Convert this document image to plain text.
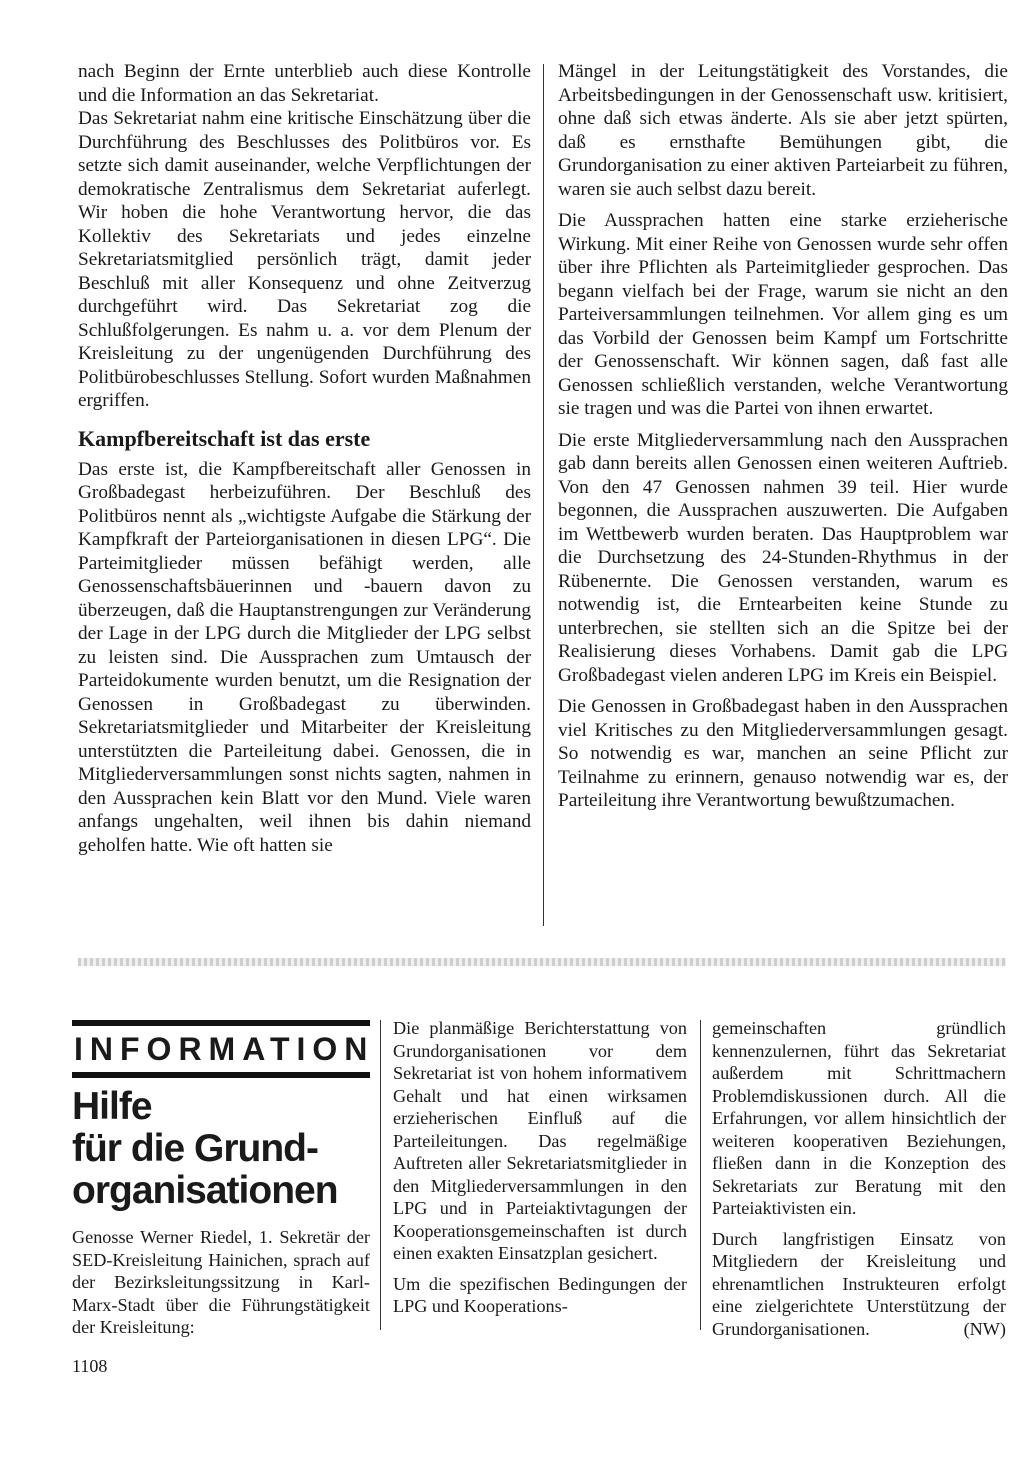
nach Beginn der Ernte unterblieb auch diese Kontrolle und die Information an das Sekretariat.

Das Sekretariat nahm eine kritische Einschätzung über die Durchführung des Beschlusses des Politbüros vor. Es setzte sich damit auseinander, welche Verpflichtungen der demokratische Zentralismus dem Sekretariat auferlegt. Wir hoben die hohe Verantwortung hervor, die das Kollektiv des Sekretariats und jedes einzelne Sekretariatsmitglied persönlich trägt, damit jeder Beschluß mit aller Konsequenz und ohne Zeitverzug durchgeführt wird. Das Sekretariat zog die Schlußfolgerungen. Es nahm u. a. vor dem Plenum der Kreisleitung zu der ungenügenden Durchführung des Politbürobeschlusses Stellung. Sofort wurden Maßnahmen ergriffen.

Kampfbereitschaft ist das erste

Das erste ist, die Kampfbereitschaft aller Genossen in Großbadegast herbeizuführen. Der Beschluß des Politbüros nennt als „wichtigste Aufgabe die Stärkung der Kampfkraft der Parteiorganisationen in diesen LPG“. Die Parteimitglieder müssen befähigt werden, alle Genossenschaftsbäuerinnen und -bauern davon zu überzeugen, daß die Hauptanstrengungen zur Veränderung der Lage in der LPG durch die Mitglieder der LPG selbst zu leisten sind. Die Aussprachen zum Umtausch der Parteidokumente wurden benutzt, um die Resignation der Genossen in Großbadegast zu überwinden. Sekretariatsmitglieder und Mitarbeiter der Kreisleitung unterstützten die Parteileitung dabei. Genossen, die in Mitgliederversammlungen sonst nichts sagten, nahmen in den Aussprachen kein Blatt vor den Mund. Viele waren anfangs ungehalten, weil ihnen bis dahin niemand geholfen hatte. Wie oft hatten sie

Mängel in der Leitungstätigkeit des Vorstandes, die Arbeitsbedingungen in der Genossenschaft usw. kritisiert, ohne daß sich etwas änderte. Als sie aber jetzt spürten, daß es ernsthafte Bemühungen gibt, die Grundorganisation zu einer aktiven Parteiarbeit zu führen, waren sie auch selbst dazu bereit.

Die Aussprachen hatten eine starke erzieherische Wirkung. Mit einer Reihe von Genossen wurde sehr offen über ihre Pflichten als Parteimitglieder gesprochen. Das begann vielfach bei der Frage, warum sie nicht an den Parteiversammlungen teilnehmen. Vor allem ging es um das Vorbild der Genossen beim Kampf um Fortschritte der Genossenschaft. Wir können sagen, daß fast alle Genossen schließlich verstanden, welche Verantwortung sie tragen und was die Partei von ihnen erwartet.

Die erste Mitgliederversammlung nach den Aussprachen gab dann bereits allen Genossen einen weiteren Auftrieb. Von den 47 Genossen nahmen 39 teil. Hier wurde begonnen, die Aussprachen auszuwerten. Die Aufgaben im Wettbewerb wurden beraten. Das Hauptproblem war die Durchsetzung des 24-Stunden-Rhythmus in der Rübenernte. Die Genossen verstanden, warum es notwendig ist, die Erntearbeiten keine Stunde zu unterbrechen, sie stellten sich an die Spitze bei der Realisierung dieses Vorhabens. Damit gab die LPG Großbadegast vielen anderen LPG im Kreis ein Beispiel.

Die Genossen in Großbadegast haben in den Aussprachen viel Kritisches zu den Mitgliederversammlungen gesagt. So notwendig es war, manchen an seine Pflicht zur Teilnahme zu erinnern, genauso notwendig war es, der Parteileitung ihre Verantwortung bewußtzumachen.

INFORMATION
Hilfe
für die Grund-
organisationen

Genosse Werner Riedel, 1. Sekretär der SED-Kreisleitung Hainichen, sprach auf der Bezirksleitungssitzung in Karl-Marx-Stadt über die Führungstätigkeit der Kreisleitung:

Die planmäßige Berichterstattung von Grundorganisationen vor dem Sekretariat ist von hohem informativem Gehalt und hat einen wirksamen erzieherischen Einfluß auf die Parteileitungen. Das regelmäßige Auftreten aller Sekretariatsmitglieder in den Mitgliederversammlungen in den LPG und in Parteiaktivtagungen der Kooperationsgemeinschaften ist durch einen exakten Einsatzplan gesichert.

Um die spezifischen Bedingungen der LPG und Kooperations-

gemeinschaften gründlich kennenzulernen, führt das Sekretariat außerdem mit Schrittmachern Problemdiskussionen durch. All die Erfahrungen, vor allem hinsichtlich der weiteren kooperativen Beziehungen, fließen dann in die Konzeption des Sekretariats zur Beratung mit den Parteiaktivisten ein.

Durch langfristigen Einsatz von Mitgliedern der Kreisleitung und ehrenamtlichen Instrukteuren erfolgt eine zielgerichtete Unterstützung der Grundorganisationen.	(NW)

1108
